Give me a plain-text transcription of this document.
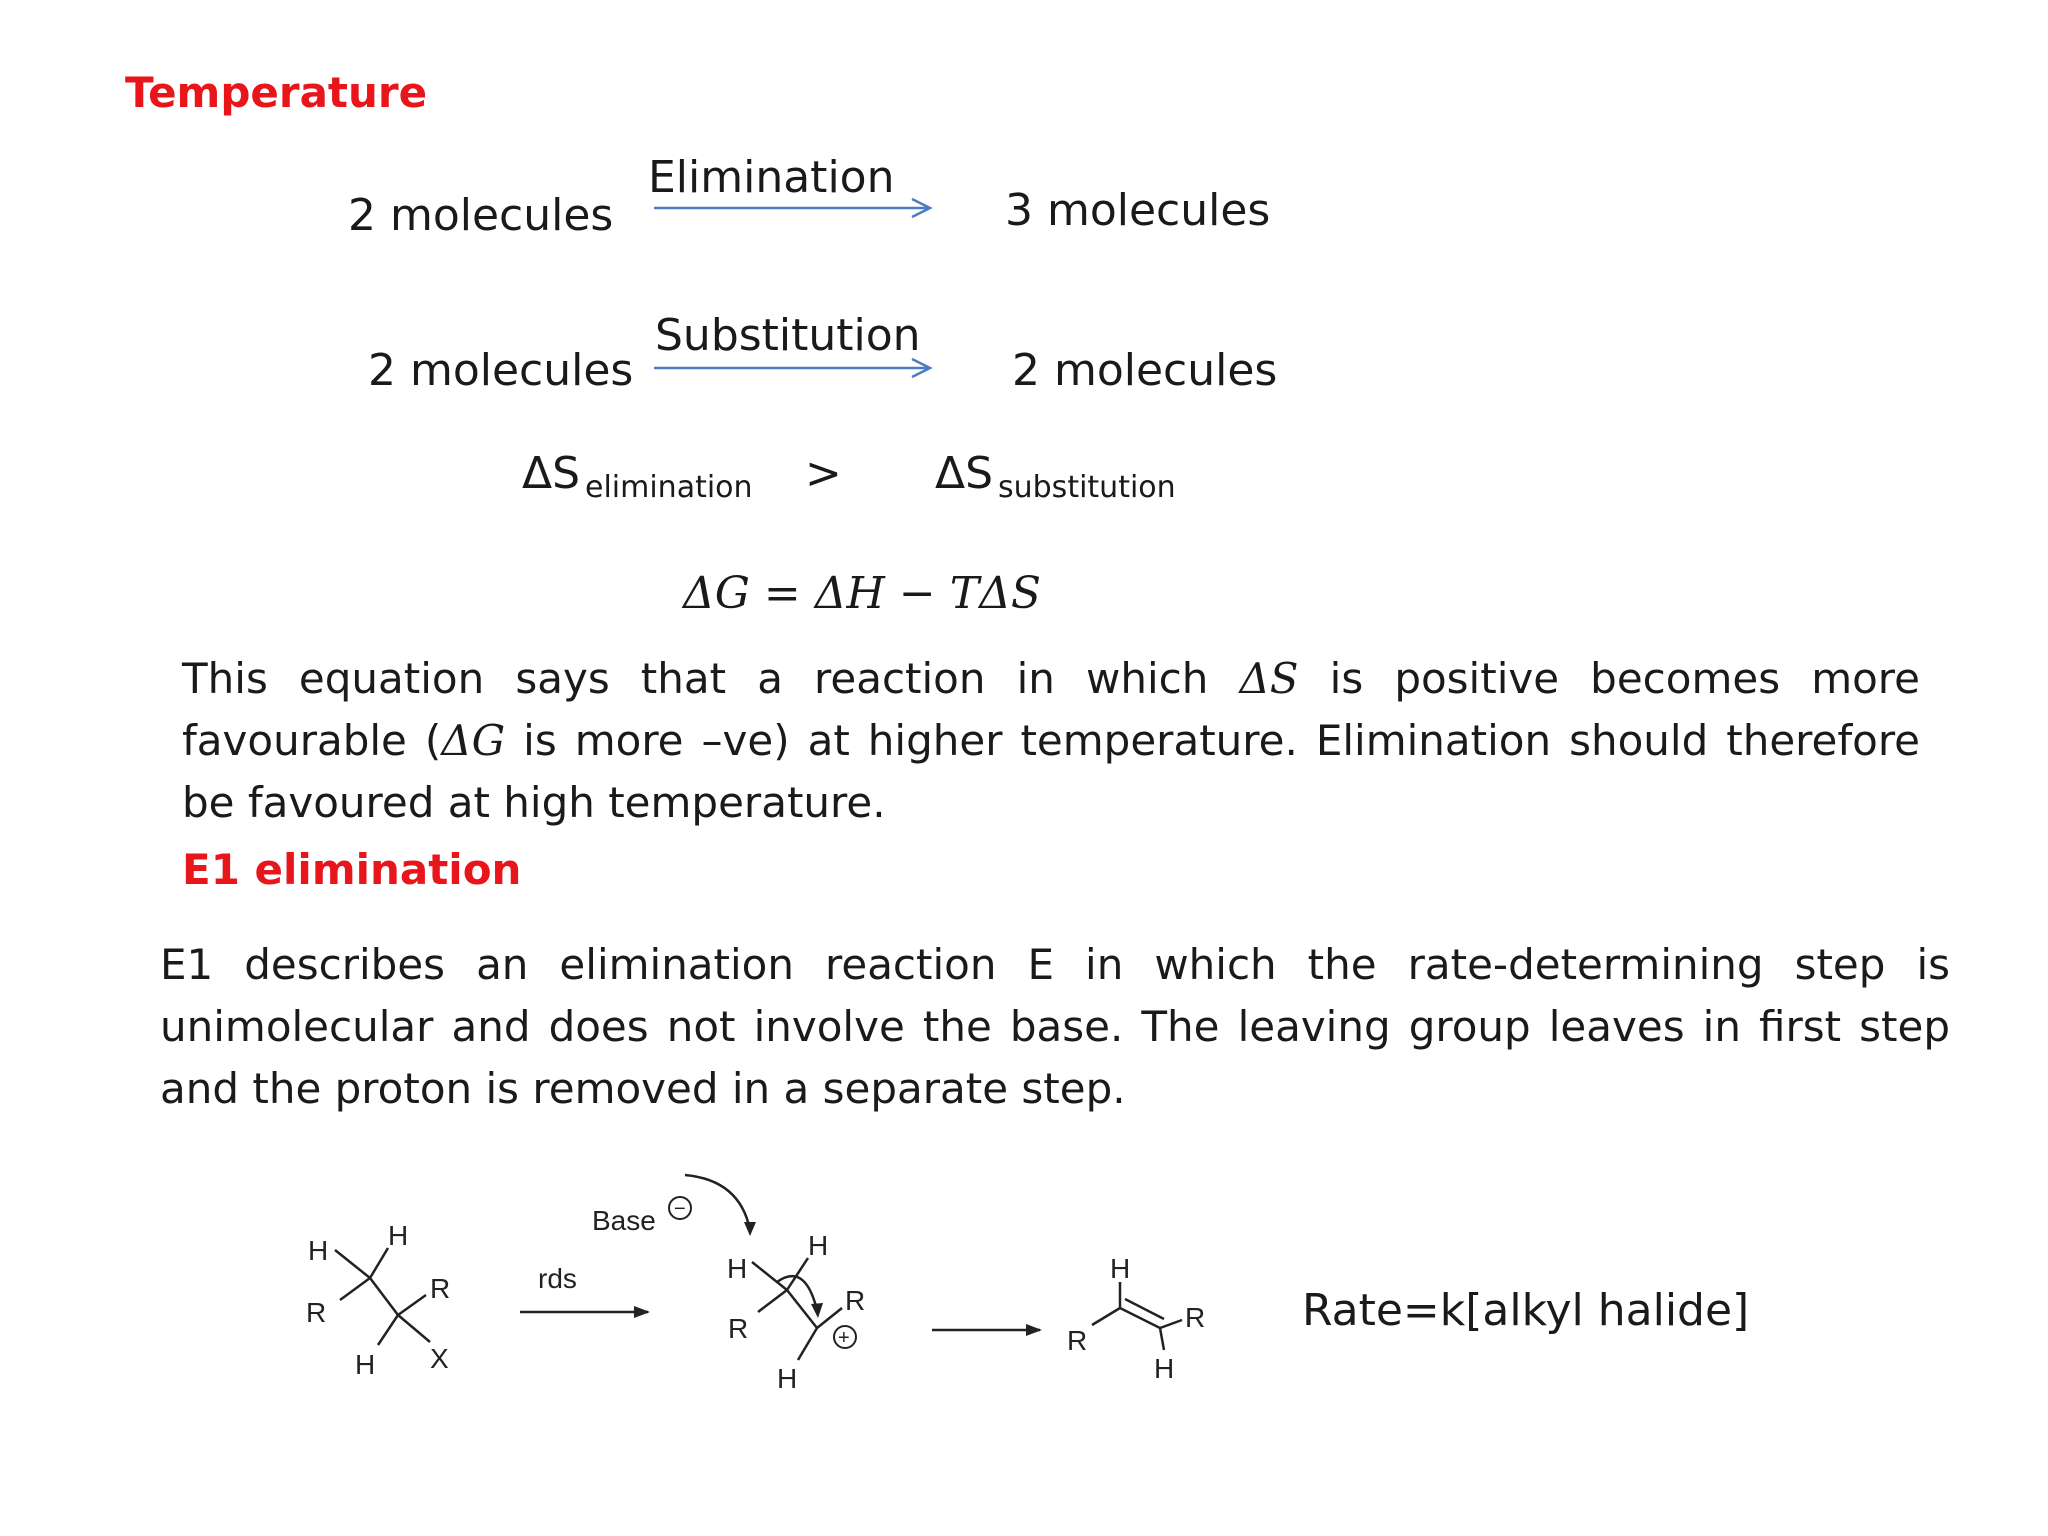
Temperature
2 molecules
Elimination
3 molecules
2 molecules
Substitution
2 molecules
ΔS elimination > ΔS substitution
ΔG = ΔH − TΔS
This equation says that a reaction in which ΔS is positive becomes more favourable (ΔG is more –ve) at higher temperature. Elimination should therefore be favoured at high temperature.
E1 elimination
E1 describes an elimination reaction E in which the rate-determining step is unimolecular and does not involve the base. The leaving group leaves in first step and the proton is removed in a separate step.
H H
R
R
H X
rds
Base −
H
H
R
R
H
+
H
R
R
H
Rate=k[alkyl halide]
